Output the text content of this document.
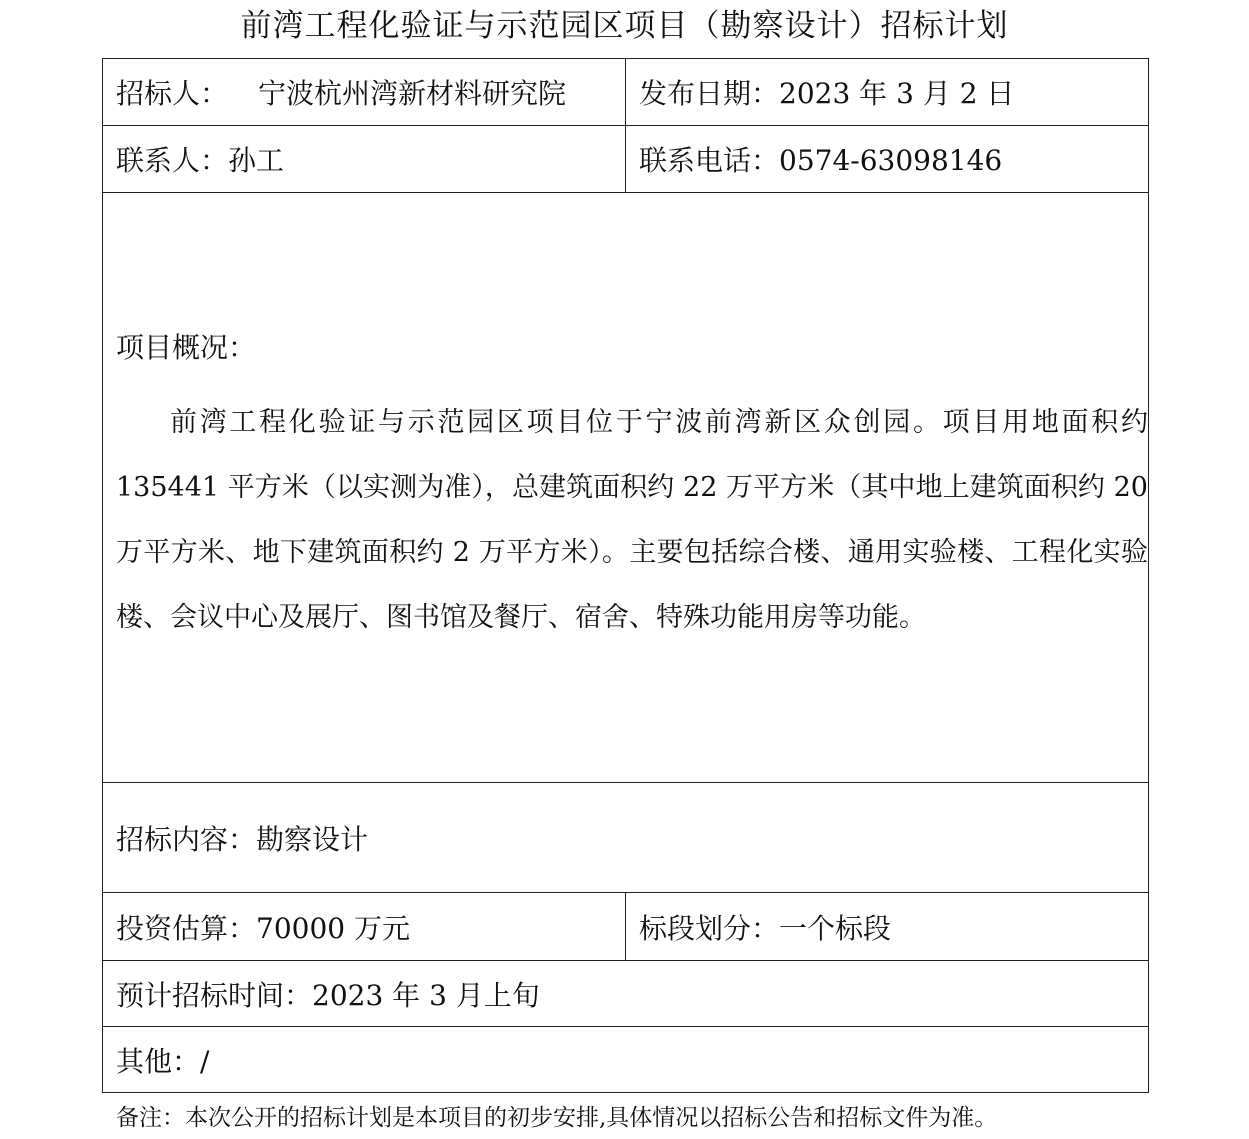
前湾工程化验证与示范园区项目（勘察设计）招标计划
招标人： 宁波杭州湾新材料研究院	发布日期：2023 年 3 月 2 日
联系人：孙工	联系电话：0574-63098146

项目概况：
前湾工程化验证与示范园区项目位于宁波前湾新区众创园。项目用地面积约 135441 平方米（以实测为准），总建筑面积约 22 万平方米（其中地上建筑面积约 20 万平方米、地下建筑面积约 2 万平方米）。主要包括综合楼、通用实验楼、工程化实验楼、会议中心及展厅、图书馆及餐厅、宿舍、特殊功能用房等功能。	

招标内容：勘察设计	
投资估算：70000 万元	标段划分：一个标段
预计招标时间：2023 年 3 月上旬	
其他：/	
备注：本次公开的招标计划是本项目的初步安排,具体情况以招标公告和招标文件为准。
